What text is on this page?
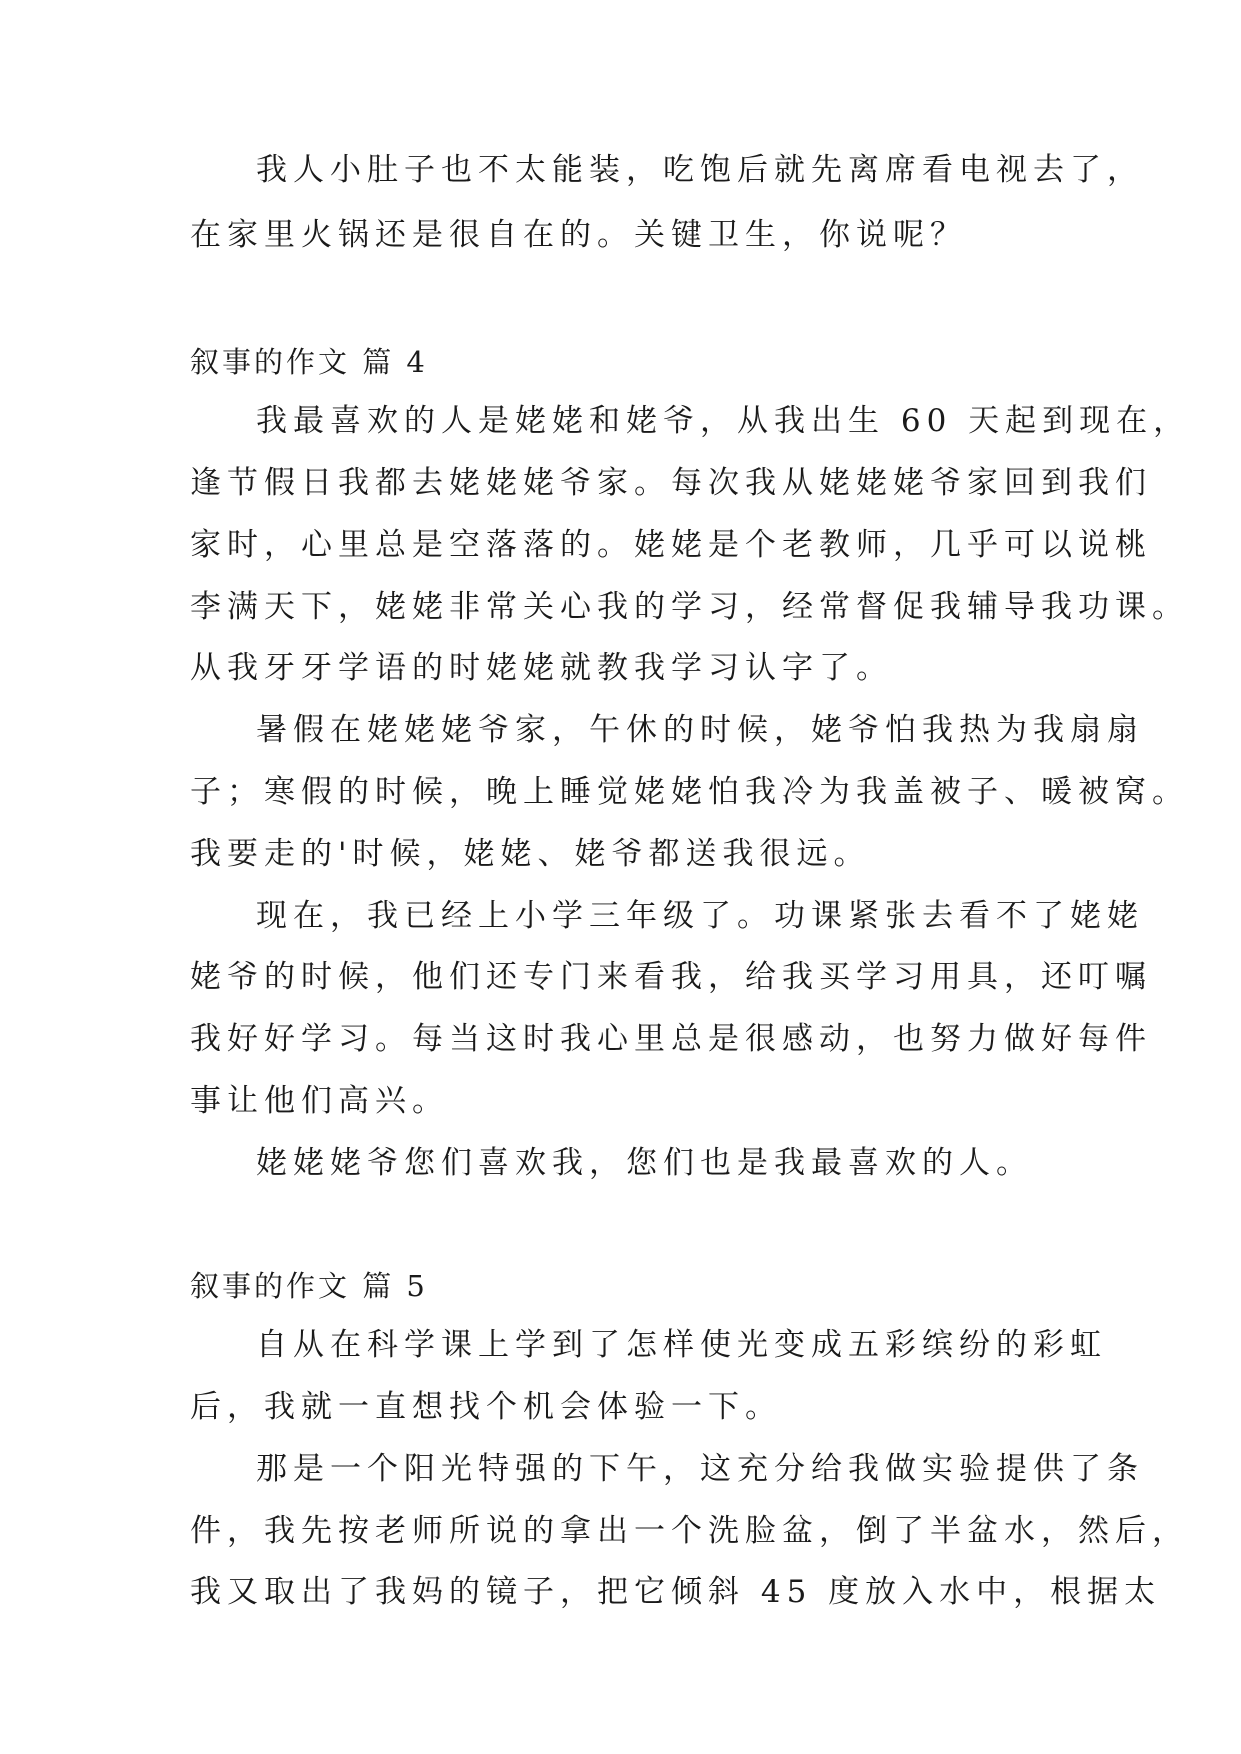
我人小肚子也不太能装，吃饱后就先离席看电视去了，
在家里火锅还是很自在的。关键卫生，你说呢？
叙事的作文 篇 4
我最喜欢的人是姥姥和姥爷，从我出生 60 天起到现在，
逢节假日我都去姥姥姥爷家。每次我从姥姥姥爷家回到我们
家时，心里总是空落落的。姥姥是个老教师，几乎可以说桃
李满天下，姥姥非常关心我的学习，经常督促我辅导我功课。
从我牙牙学语的时姥姥就教我学习认字了。
暑假在姥姥姥爷家，午休的时候，姥爷怕我热为我扇扇
子；寒假的时候，晚上睡觉姥姥怕我冷为我盖被子、暖被窝。
我要走的'时候，姥姥、姥爷都送我很远。
现在，我已经上小学三年级了。功课紧张去看不了姥姥
姥爷的时候，他们还专门来看我，给我买学习用具，还叮嘱
我好好学习。每当这时我心里总是很感动，也努力做好每件
事让他们高兴。
姥姥姥爷您们喜欢我，您们也是我最喜欢的人。
叙事的作文 篇 5
自从在科学课上学到了怎样使光变成五彩缤纷的彩虹
后，我就一直想找个机会体验一下。
那是一个阳光特强的下午，这充分给我做实验提供了条
件，我先按老师所说的拿出一个洗脸盆，倒了半盆水，然后，
我又取出了我妈的镜子，把它倾斜 45 度放入水中，根据太
